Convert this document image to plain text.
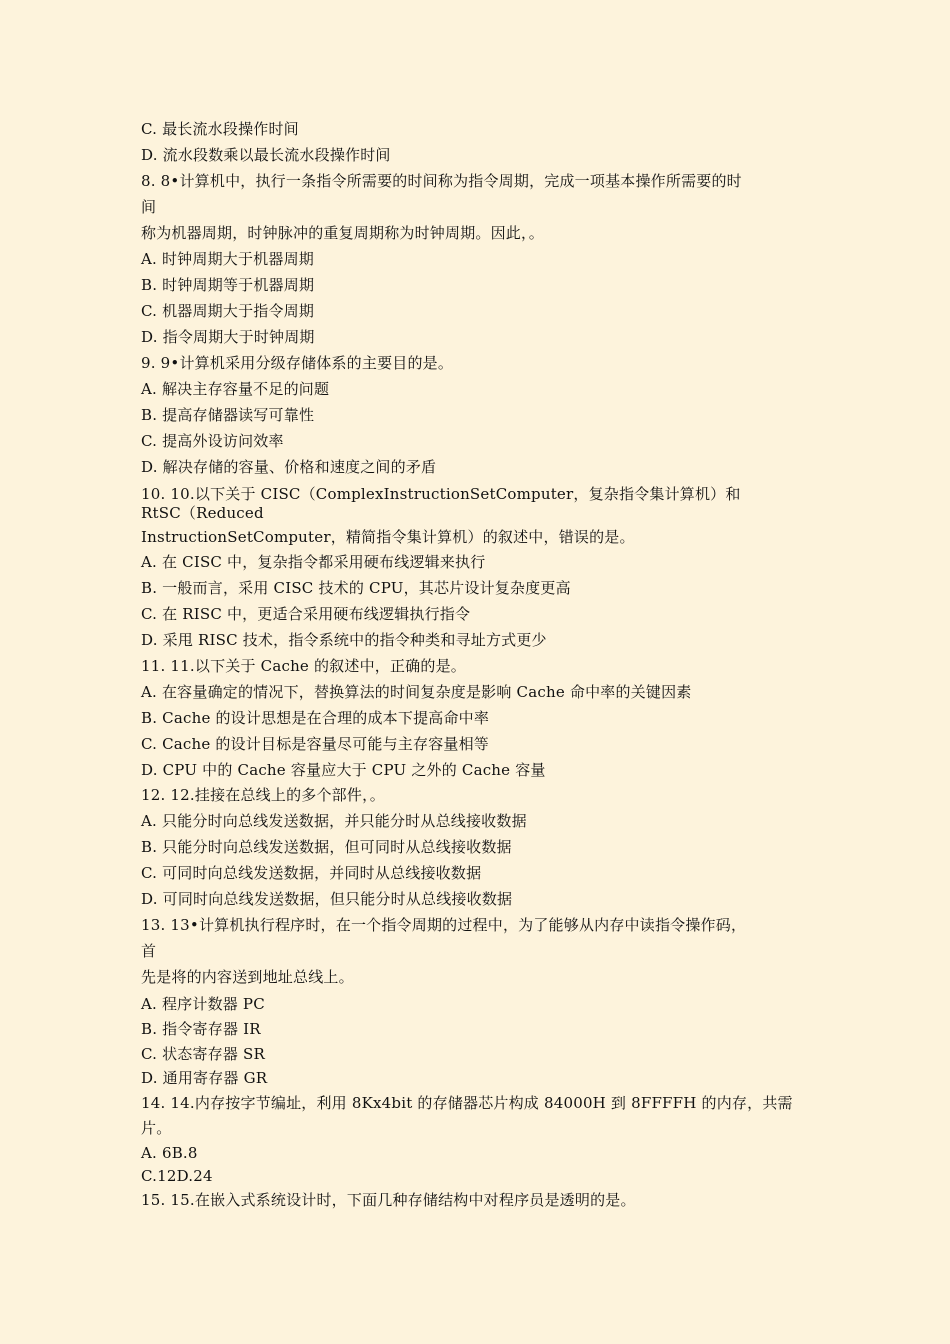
C. 最长流水段操作时间
D. 流水段数乘以最长流水段操作时间
8. 8•计算机中，执行一条指令所需要的时间称为指令周期，完成一项基本操作所需要的时
间
称为机器周期，时钟脉冲的重复周期称为时钟周期。因此，。
A. 时钟周期大于机器周期
B. 时钟周期等于机器周期
C. 机器周期大于指令周期
D. 指令周期大于时钟周期
9. 9•计算机采用分级存储体系的主要目的是。
A. 解决主存容量不足的问题
B. 提高存储器读写可靠性
C. 提高外设访问效率
D. 解决存储的容量、价格和速度之间的矛盾
10. 10.以下关于 CISC（ComplexInstructionSetComputer，复杂指令集计算机）和
RtSC（Reduced
InstructionSetComputer，精简指令集计算机）的叙述中，错误的是。
A. 在 CISC 中，复杂指令都采用硬布线逻辑来执行
B. 一般而言，采用 CISC 技术的 CPU，其芯片设计复杂度更高
C. 在 RISC 中，更适合采用硬布线逻辑执行指令
D. 采甩 RISC 技术，指令系统中的指令种类和寻址方式更少
11. 11.以下关于 Cache 的叙述中，正确的是。
A. 在容量确定的情况下，替换算法的时间复杂度是影响 Cache 命中率的关键因素
B. Cache 的设计思想是在合理的成本下提高命中率
C. Cache 的设计目标是容量尽可能与主存容量相等
D. CPU 中的 Cache 容量应大于 CPU 之外的 Cache 容量
12. 12.挂接在总线上的多个部件，。
A. 只能分时向总线发送数据，并只能分时从总线接收数据
B. 只能分时向总线发送数据，但可同时从总线接收数据
C. 可同时向总线发送数据，并同时从总线接收数据
D. 可同时向总线发送数据，但只能分时从总线接收数据
13. 13•计算机执行程序时，在一个指令周期的过程中，为了能够从内存中读指令操作码，
首
先是将的内容送到地址总线上。
A. 程序计数器 PC
B. 指令寄存器 IR
C. 状态寄存器 SR
D. 通用寄存器 GR
14. 14.内存按字节编址，利用 8Kx4bit 的存储器芯片构成 84000H 到 8FFFFH 的内存，共需
片。
A. 6B.8
C.12D.24
15. 15.在嵌入式系统设计时，下面几种存储结构中对程序员是透明的是。
